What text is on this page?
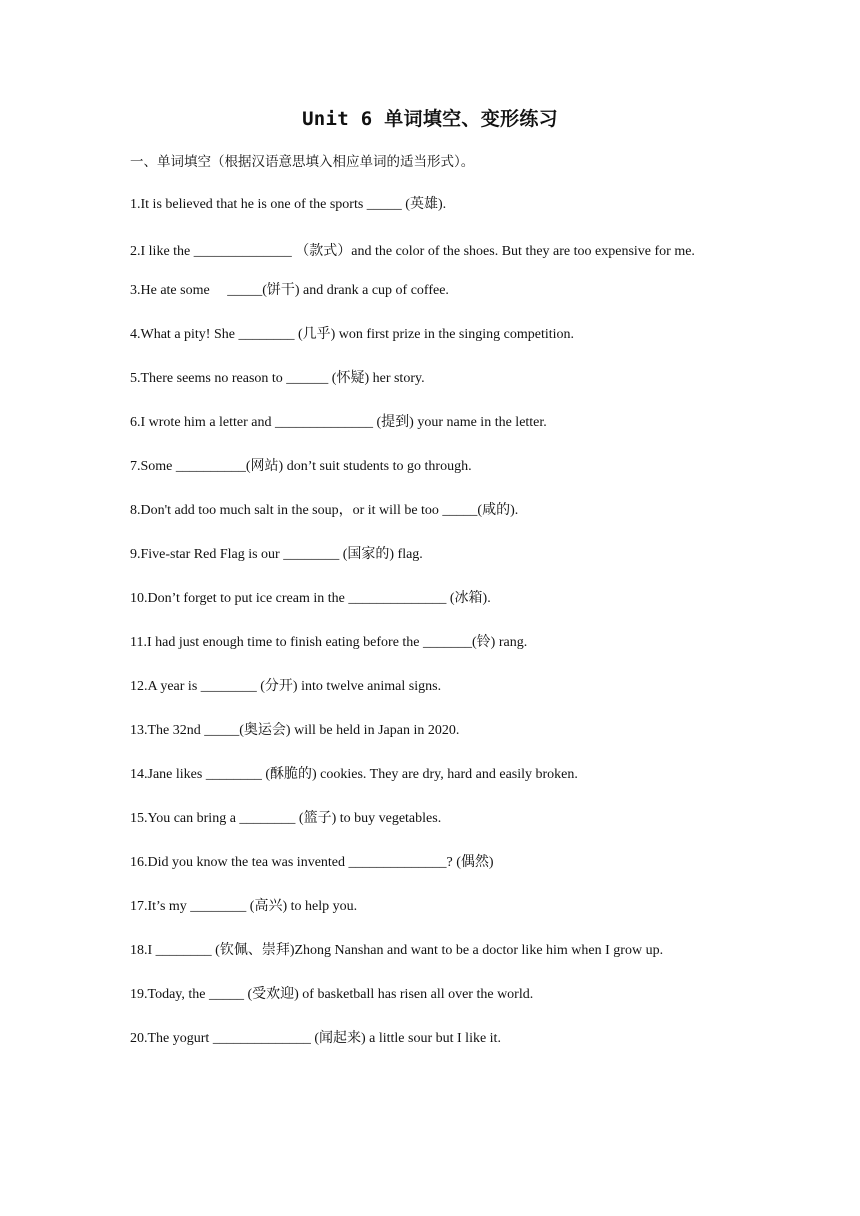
Unit 6 单词填空、变形练习

一、单词填空（根据汉语意思填入相应单词的适当形式）。

1.It is believed that he is one of the sports _____ (英雄).
2.I like the ______________ （款式）and the color of the shoes. But they are too expensive for me.
3.He ate some　 _____(饼干) and drank a cup of coffee.
4.What a pity! She ________ (几乎) won first prize in the singing competition.
5.There seems no reason to ______ (怀疑) her story.
6.I wrote him a letter and ______________ (提到) your name in the letter.
7.Some __________(网站) don’t suit students to go through.
8.Don't add too much salt in the soup，or it will be too _____(咸的).
9.Five-star Red Flag is our ________ (国家的) flag.
10.Don’t forget to put ice cream in the ______________ (冰箱).
11.I had just enough time to finish eating before the _______(铃) rang.
12.A year is ________ (分开) into twelve animal signs.
13.The 32nd _____(奥运会) will be held in Japan in 2020.
14.Jane likes ________ (酥脆的) cookies. They are dry, hard and easily broken.
15.You can bring a ________ (篮子) to buy vegetables.
16.Did you know the tea was invented ______________? (偶然)
17.It’s my ________ (高兴) to help you.
18.I ________ (钦佩、崇拜)Zhong Nanshan and want to be a doctor like him when I grow up.
19.Today, the _____ (受欢迎) of basketball has risen all over the world.
20.The yogurt ______________ (闻起来) a little sour but I like it.
